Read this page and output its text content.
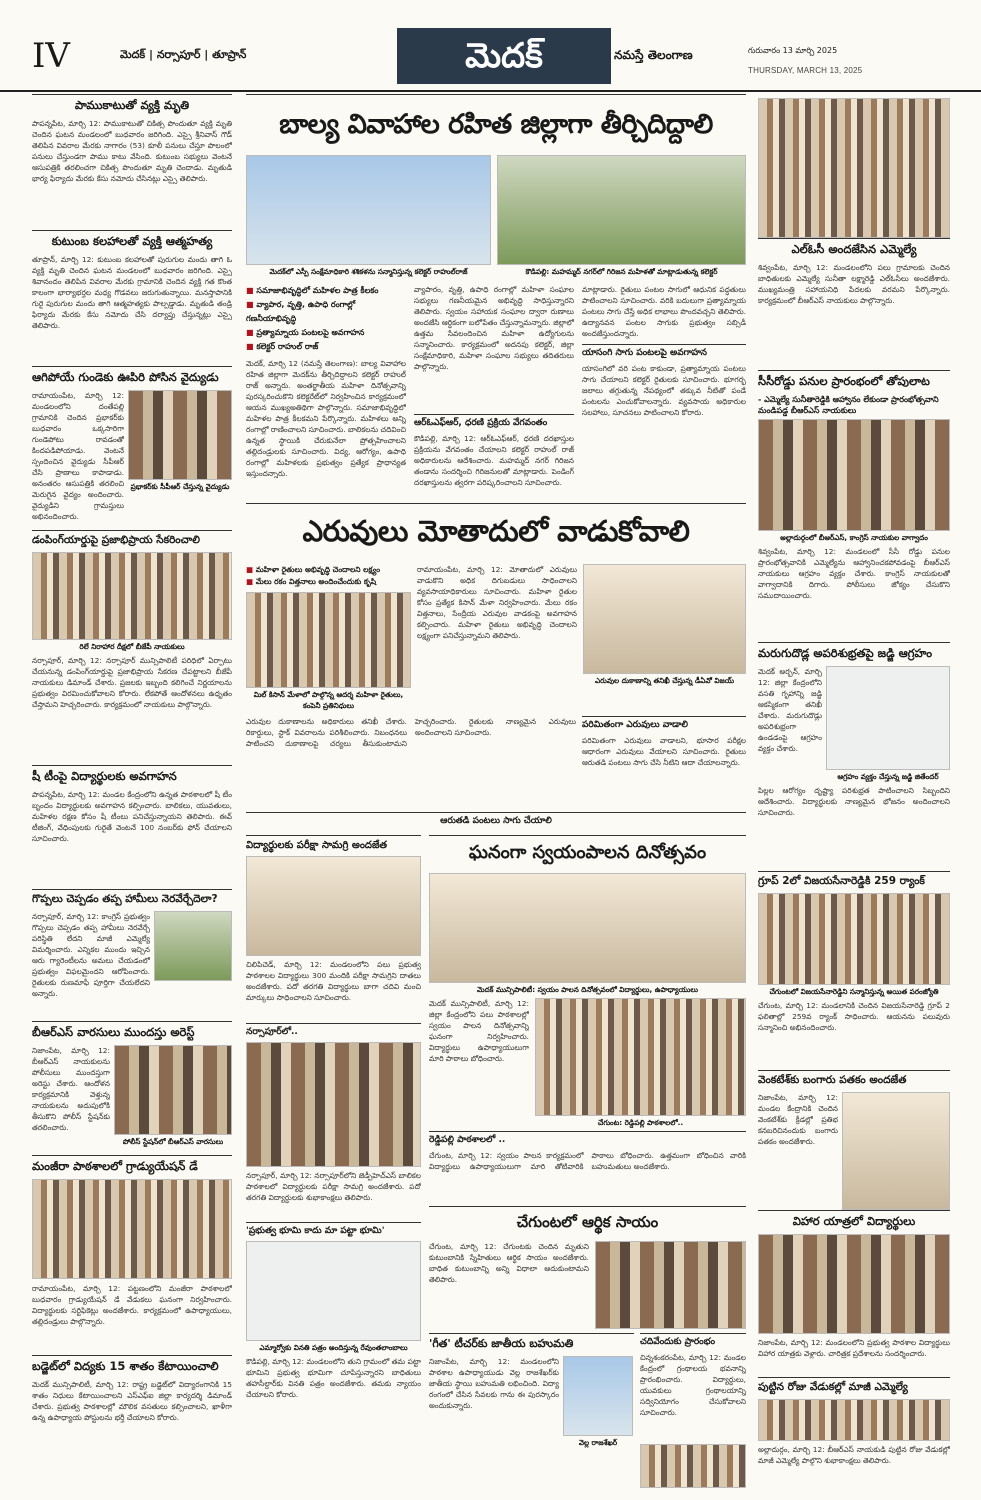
IV	మెదక్ | నర్సాపూర్ | తూప్రాన్	మెదక్	నమస్తే తెలంగాణ	గురువారం 13 మార్చి 2025
THURSDAY, MARCH 13, 2025
పాముకాటుతో వ్యక్తి మృతి
పాపన్నపేట, మార్చి 12: పాముకాటుతో చికిత్స పొందుతూ వ్యక్తి మృతి చెందిన ఘటన మండలంలో బుధవారం జరిగింది. ఎస్సై శ్రీనివాస్ గౌడ్ తెలిపిన వివరాల మేరకు నాగారం (53) కూలీ పనులు చేస్తూ పొలంలో పనులు చేస్తుండగా పాము కాటు వేసింది. కుటుంబ సభ్యులు వెంటనే ఆసుపత్రికి తరలించగా చికిత్స పొందుతూ మృతి చెందాడు. మృతుడి భార్య ఫిర్యాదు మేరకు కేసు నమోదు చేసినట్లు ఎస్సై తెలిపారు.
కుటుంబ కలహాలతో వ్యక్తి ఆత్మహత్య
తూప్రాన్, మార్చి 12: కుటుంబ కలహాలతో పురుగుల మందు తాగి ఓ వ్యక్తి మృతి చెందిన ఘటన మండలంలో బుధవారం జరిగింది. ఎస్సై శివానందం తెలిపిన వివరాల మేరకు గ్రామానికి చెందిన వ్యక్తి గత కొంత కాలంగా భార్యాభర్తల మధ్య గొడవలు జరుగుతున్నాయి. మనస్తాపానికి గురై పురుగుల మందు తాగి ఆత్మహత్యకు పాల్పడ్డాడు. మృతుడి తండ్రి ఫిర్యాదు మేరకు కేసు నమోదు చేసి దర్యాప్తు చేస్తున్నట్లు ఎస్సై తెలిపారు.
ఆగిపోయే గుండెకు ఊపిరి పోసిన వైద్యుడు
రామాయంపేట, మార్చి 12: మండలంలోని దంతేపల్లి గ్రామానికి చెందిన ప్రభాకర్‌కు బుధవారం ఒక్కసారిగా గుండెపోటు రావడంతో కిందపడిపోయాడు. వెంటనే స్పందించిన వైద్యుడు సీపీఆర్ చేసి ప్రాణాలు కాపాడాడు. అనంతరం ఆసుపత్రికి తరలించి మెరుగైన వైద్యం అందించారు. వైద్యుడిని గ్రామస్తులు అభినందించారు.
ప్రభాకర్‌కు సీపీఆర్ చేస్తున్న వైద్యుడు
డంపింగ్‌యార్డుపై ప్రజాభిప్రాయ సేకరించాలి
రిలే నిరాహార దీక్షలో బీజేపీ నాయకులు
నర్సాపూర్, మార్చి 12: నర్సాపూర్ మున్సిపాలిటీ పరిధిలో ఏర్పాటు చేయనున్న డంపింగ్‌యార్డుపై ప్రజాభిప్రాయ సేకరణ చేపట్టాలని బీజేపీ నాయకులు డిమాండ్ చేశారు. ప్రజలకు ఇబ్బంది కలిగించే నిర్ణయాలను ప్రభుత్వం విరమించుకోవాలని కోరారు. లేకపోతే ఆందోళనలు ఉధృతం చేస్తామని హెచ్చరించారు. కార్యక్రమంలో నాయకులు పాల్గొన్నారు.
షీ టీంపై విద్యార్థులకు అవగాహన
పాపన్నపేట, మార్చి 12: మండల కేంద్రంలోని ఉన్నత పాఠశాలలో షీ టీం బృందం విద్యార్థులకు అవగాహన కల్పించారు. బాలికలు, యువతులు, మహిళల రక్షణ కోసం షీ టీంలు పనిచేస్తున్నాయని తెలిపారు. ఈవ్ టీజింగ్, వేధింపులకు గురైతే వెంటనే 100 నంబర్‌కు ఫోన్ చేయాలని సూచించారు.
గొప్పలు చెప్పడం తప్ప హామీలు నెరవేర్చేదెలా?
నర్సాపూర్, మార్చి 12: కాంగ్రెస్ ప్రభుత్వం గొప్పలు చెప్పడం తప్ప హామీలు నెరవేర్చే పరిస్థితి లేదని మాజీ ఎమ్మెల్యే విమర్శించారు. ఎన్నికల ముందు ఇచ్చిన ఆరు గ్యారెంటీలను అమలు చేయడంలో ప్రభుత్వం విఫలమైందని ఆరోపించారు. రైతులకు రుణమాఫీ పూర్తిగా చేయలేదని అన్నారు.
బీఆర్ఎస్ వారసులు ముందస్తు అరెస్ట్
నిజాంపేట, మార్చి 12: బీఆర్ఎస్ నాయకులను పోలీసులు ముందస్తుగా అరెస్టు చేశారు. ఆందోళన కార్యక్రమానికి వెళ్తున్న నాయకులను అదుపులోకి తీసుకొని పోలీస్ స్టేషన్‌కు తరలించారు.
పోలీస్ స్టేషన్‌లో బీఆర్ఎస్ వారసులు
మంజీరా పాఠశాలలో గ్రాడ్యుయేషన్ డే
రామాయంపేట, మార్చి 12: పట్టణంలోని మంజీరా పాఠశాలలో బుధవారం గ్రాడ్యుయేషన్ డే వేడుకలు ఘనంగా నిర్వహించారు. విద్యార్థులకు సర్టిఫికెట్లు అందజేశారు. కార్యక్రమంలో ఉపాధ్యాయులు, తల్లిదండ్రులు పాల్గొన్నారు.
బడ్జెట్‌లో విద్యకు 15 శాతం కేటాయించాలి
మెదక్ మున్సిపాలిటీ, మార్చి 12: రాష్ట్ర బడ్జెట్‌లో విద్యారంగానికి 15 శాతం నిధులు కేటాయించాలని ఎస్ఎఫ్ఐ జిల్లా కార్యదర్శి డిమాండ్ చేశారు. ప్రభుత్వ పాఠశాలల్లో మౌలిక వసతులు కల్పించాలని, ఖాళీగా ఉన్న ఉపాధ్యాయ పోస్టులను భర్తీ చేయాలని కోరారు.
బాల్య వివాహాల రహిత జిల్లాగా తీర్చిదిద్దాలి
మెదక్‌లో ఎస్పీ సంక్షేమాధికారి శశికళను సన్మానిస్తున్న కలెక్టర్ రాహుల్‌రాజ్	కౌడిపల్లి: మహమ్మద్ నగర్‌లో గిరిజన మహిళతో మాట్లాడుతున్న కలెక్టర్
■ సమాజాభివృద్ధిలో మహిళల పాత్ర కీలకం
■ వ్యాపార, వృత్తి, ఉపాధి రంగాల్లో గణనీయాభివృద్ధి
■ ప్రత్యామ్నాయ పంటలపై అవగాహన
■ కలెక్టర్ రాహుల్ రాజ్
మెదక్, మార్చి 12 (నమస్తే తెలంగాణ): బాల్య వివాహాల రహిత జిల్లాగా మెదక్‌ను తీర్చిదిద్దాలని కలెక్టర్ రాహుల్ రాజ్ అన్నారు. అంతర్జాతీయ మహిళా దినోత్సవాన్ని పురస్కరించుకొని కలెక్టరేట్‌లో నిర్వహించిన కార్యక్రమంలో ఆయన ముఖ్యఅతిథిగా పాల్గొన్నారు. సమాజాభివృద్ధిలో మహిళల పాత్ర కీలకమని పేర్కొన్నారు. మహిళలు అన్ని రంగాల్లో రాణించాలని సూచించారు. బాలికలను చదివించి ఉన్నత స్థాయికి చేరుకునేలా ప్రోత్సహించాలని తల్లిదండ్రులకు సూచించారు. విద్య, ఆరోగ్యం, ఉపాధి రంగాల్లో మహిళలకు ప్రభుత్వం ప్రత్యేక ప్రాధాన్యత ఇస్తుందన్నారు.
వ్యాపారం, వృత్తి, ఉపాధి రంగాల్లో మహిళా సంఘాల సభ్యులు గణనీయమైన అభివృద్ధి సాధిస్తున్నారని తెలిపారు. స్వయం సహాయక సంఘాల ద్వారా రుణాలు అందజేసి ఆర్థికంగా బలోపేతం చేస్తున్నామన్నారు. జిల్లాలో ఉత్తమ సేవలందించిన మహిళా ఉద్యోగులను సన్మానించారు. కార్యక్రమంలో అదనపు కలెక్టర్, జిల్లా సంక్షేమాధికారి, మహిళా సంఘాల సభ్యులు తదితరులు పాల్గొన్నారు.
ఆర్ఓఎఫ్ఆర్, ధరణి ప్రక్రియ వేగవంతం
కౌడిపల్లి, మార్చి 12: ఆర్ఓఎఫ్ఆర్, ధరణి దరఖాస్తుల ప్రక్రియను వేగవంతం చేయాలని కలెక్టర్ రాహుల్ రాజ్ అధికారులను ఆదేశించారు. మహమ్మద్ నగర్ గిరిజన తండాను సందర్శించి గిరిజనులతో మాట్లాడారు. పెండింగ్ దరఖాస్తులను త్వరగా పరిష్కరించాలని సూచించారు.
మాట్లాడారు. రైతులు పంటల సాగులో ఆధునిక పద్ధతులు పాటించాలని సూచించారు. వరికి బదులుగా ప్రత్యామ్నాయ పంటలు సాగు చేస్తే అధిక లాభాలు పొందవచ్చని తెలిపారు. ఉద్యానవన పంటల సాగుకు ప్రభుత్వం సబ్సిడీ అందజేస్తుందన్నారు.
యాసంగి సాగు పంటలపై అవగాహన
యాసంగిలో వరి పంట కాకుండా, ప్రత్యామ్నాయ పంటలు సాగు చేయాలని కలెక్టర్ రైతులకు సూచించారు. భూగర్భ జలాలు తగ్గుతున్న నేపథ్యంలో తక్కువ నీటితో పండే పంటలను ఎంచుకోవాలన్నారు. వ్యవసాయ అధికారుల సలహాలు, సూచనలు పాటించాలని కోరారు.
ఎరువులు మోతాదులో వాడుకోవాలి
■ మహిళా రైతులు అభివృద్ధి చెందాలని లక్ష్యం
■ మేలు రకం విత్తనాలు అందించేందుకు కృషి
మిల్ కిసాన్ మేళాలో పాల్గొన్న ఆదర్శ మహిళా రైతులు, కంపెనీ ప్రతినిధులు
రామాయంపేట, మార్చి 12: మోతాదులో ఎరువులు వాడుకొని అధిక దిగుబడులు సాధించాలని వ్యవసాయాధికారులు సూచించారు. మహిళా రైతుల కోసం ప్రత్యేక కిసాన్ మేళా నిర్వహించారు. మేలు రకం విత్తనాలు, సేంద్రీయ ఎరువుల వాడకంపై అవగాహన కల్పించారు. మహిళా రైతులు అభివృద్ధి చెందాలని లక్ష్యంగా పనిచేస్తున్నామని తెలిపారు.
ఎరువుల దుకాణాన్ని తనిఖీ చేస్తున్న డీఏవో విజయ్
ఎరువుల దుకాణాలను అధికారులు తనిఖీ చేశారు. రికార్డులు, స్టాక్ వివరాలను పరిశీలించారు. నిబంధనలు పాటించని దుకాణాలపై చర్యలు తీసుకుంటామని హెచ్చరించారు. రైతులకు నాణ్యమైన ఎరువులు అందించాలని సూచించారు.
పరిమితంగా ఎరువులు వాడాలి
పరిమితంగా ఎరువులు వాడాలని, భూసార పరీక్షల ఆధారంగా ఎరువులు వేయాలని సూచించారు. రైతులు ఆరుతడి పంటలు సాగు చేసి నీటిని ఆదా చేయాలన్నారు.
ఆరుతడి పంటలు సాగు చేయాలి
విద్యార్థులకు పరీక్షా సామగ్రి అందజేత
చిలిపిచెడ్, మార్చి 12: మండలంలోని పలు ప్రభుత్వ పాఠశాలల విద్యార్థులు 300 మందికి పరీక్షా సామగ్రిని దాతలు అందజేశారు. పదో తరగతి విద్యార్థులు బాగా చదివి మంచి మార్కులు సాధించాలని సూచించారు.
నర్సాపూర్‌లో..
నర్సాపూర్, మార్చి 12: నర్సాపూర్‌లోని జెడ్పీహెచ్ఎస్ బాలికల పాఠశాలలో విద్యార్థులకు పరీక్షా సామగ్రి అందజేశారు. పదో తరగతి విద్యార్థులకు శుభాకాంక్షలు తెలిపారు.
'ప్రభుత్వ భూమి కాదు మా పట్టా భూమి'
ఎమ్మార్వోకు వినతి పత్రం అందిస్తున్న రేవుంతలాంబాలు
కౌడిపల్లి, మార్చి 12: మండలంలోని తుని గ్రామంలో తమ పట్టా భూమిని ప్రభుత్వ భూమిగా చూపిస్తున్నారని బాధితులు తహసీల్దార్‌కు వినతి పత్రం అందజేశారు. తమకు న్యాయం చేయాలని కోరారు.
ఘనంగా స్వయంపాలన దినోత్సవం
మెదక్ మున్సిపాలిటీ: స్వయం పాలన దినోత్సవంలో విద్యార్థులు, ఉపాధ్యాయులు
మెదక్ మున్సిపాలిటీ, మార్చి 12: జిల్లా కేంద్రంలోని పలు పాఠశాలల్లో స్వయం పాలన దినోత్సవాన్ని ఘనంగా నిర్వహించారు. విద్యార్థులు ఉపాధ్యాయులుగా మారి పాఠాలు బోధించారు.
చేగుంట: రెడ్డిపల్లి పాఠశాలలో..
రెడ్డిపల్లి పాఠశాలలో ..
చేగుంట, మార్చి 12: స్వయం పాలన కార్యక్రమంలో విద్యార్థులు ఉపాధ్యాయులుగా మారి తోటివారికి పాఠాలు బోధించారు. ఉత్తమంగా బోధించిన వారికి బహుమతులు అందజేశారు.
చేగుంటలో ఆర్థిక సాయం
చేగుంట, మార్చి 12: చేగుంటకు చెందిన మృతుని కుటుంబానికి స్నేహితులు ఆర్థిక సాయం అందజేశారు. బాధిత కుటుంబాన్ని అన్ని విధాలా ఆదుకుంటామని తెలిపారు.
'గీత' టీచర్‌కు జాతీయ బహుమతి
నిజాంపేట, మార్చి 12: మండలంలోని పాఠశాల ఉపాధ్యాయుడు వెల్ల రాజశేఖర్‌కు జాతీయ స్థాయి బహుమతి లభించింది. విద్యా రంగంలో చేసిన సేవలకు గాను ఈ పురస్కారం అందుకున్నారు.
వెల్ల రాజశేఖర్
చదివేందుకు ప్రారంభం
చిన్నశంకరంపేట, మార్చి 12: మండల కేంద్రంలో గ్రంథాలయ భవనాన్ని ప్రారంభించారు. విద్యార్థులు, యువకులు గ్రంథాలయాన్ని సద్వినియోగం చేసుకోవాలని సూచించారు.
ఎల్ఓసీ అందజేసిన ఎమ్మెల్యే
శివ్వంపేట, మార్చి 12: మండలంలోని పలు గ్రామాలకు చెందిన బాధితులకు ఎమ్మెల్యే సునీతా లక్ష్మారెడ్డి ఎల్ఓసీలు అందజేశారు. ముఖ్యమంత్రి సహాయనిధి పేదలకు వరమని పేర్కొన్నారు. కార్యక్రమంలో బీఆర్ఎస్ నాయకులు పాల్గొన్నారు.
సీసీరోడ్డు పనుల ప్రారంభంలో తోపులాట
- ఎమ్మెల్యే సునీతారెడ్డికి ఆహ్వానం లేకుండా ప్రారంభోత్సవాని మండిపడ్డ బీఆర్ఎస్ నాయకులు
అల్లాదుర్గంలో బీఆర్ఎస్, కాంగ్రెస్ నాయకుల వాగ్వాదం
శివ్వంపేట, మార్చి 12: మండలంలో సీసీ రోడ్డు పనుల ప్రారంభోత్సవానికి ఎమ్మెల్యేను ఆహ్వానించకపోవడంపై బీఆర్ఎస్ నాయకులు ఆగ్రహం వ్యక్తం చేశారు. కాంగ్రెస్ నాయకులతో వాగ్వాదానికి దిగారు. పోలీసులు జోక్యం చేసుకొని సముదాయించారు.
మరుగుదొడ్ల అపరిశుభ్రతపై జడ్జి ఆగ్రహం
మెదక్ అర్బన్, మార్చి 12: జిల్లా కేంద్రంలోని వసతి గృహాన్ని జడ్జి ఆకస్మికంగా తనిఖీ చేశారు. మరుగుదొడ్లు అపరిశుభ్రంగా ఉండడంపై ఆగ్రహం వ్యక్తం చేశారు.
ఆగ్రహం వ్యక్తం చేస్తున్న జడ్జి జితేందర్
పిల్లల ఆరోగ్యం దృష్ట్యా పరిశుభ్రత పాటించాలని సిబ్బందిని ఆదేశించారు. విద్యార్థులకు నాణ్యమైన భోజనం అందించాలని సూచించారు.
గ్రూప్ 2లో విజయసేనారెడ్డికి 259 ర్యాంక్
చేగుంటలో విజయసేనారెడ్డిని సన్మానిస్తున్న అయిత పరంజ్యోతి
చేగుంట, మార్చి 12: మండలానికి చెందిన విజయసేనారెడ్డి గ్రూప్ 2 ఫలితాల్లో 259వ ర్యాంక్ సాధించారు. ఆయనను పలువురు సన్మానించి అభినందించారు.
వెంకటేశ్‌కు బంగారు పతకం అందజేత
నిజాంపేట, మార్చి 12: మండల కేంద్రానికి చెందిన వెంకటేశ్‌కు క్రీడల్లో ప్రతిభ కనబరిచినందుకు బంగారు పతకం అందజేశారు.
విహార యాత్రలో విద్యార్థులు
నిజాంపేట, మార్చి 12: మండలంలోని ప్రభుత్వ పాఠశాల విద్యార్థులు విహార యాత్రకు వెళ్లారు. చారిత్రక ప్రదేశాలను సందర్శించారు.
పుట్టిన రోజు వేడుకల్లో మాజీ ఎమ్మెల్యే
అల్లాదుర్గం, మార్చి 12: బీఆర్ఎస్ నాయకుడి పుట్టిన రోజు వేడుకల్లో మాజీ ఎమ్మెల్యే పాల్గొని శుభాకాంక్షలు తెలిపారు.
